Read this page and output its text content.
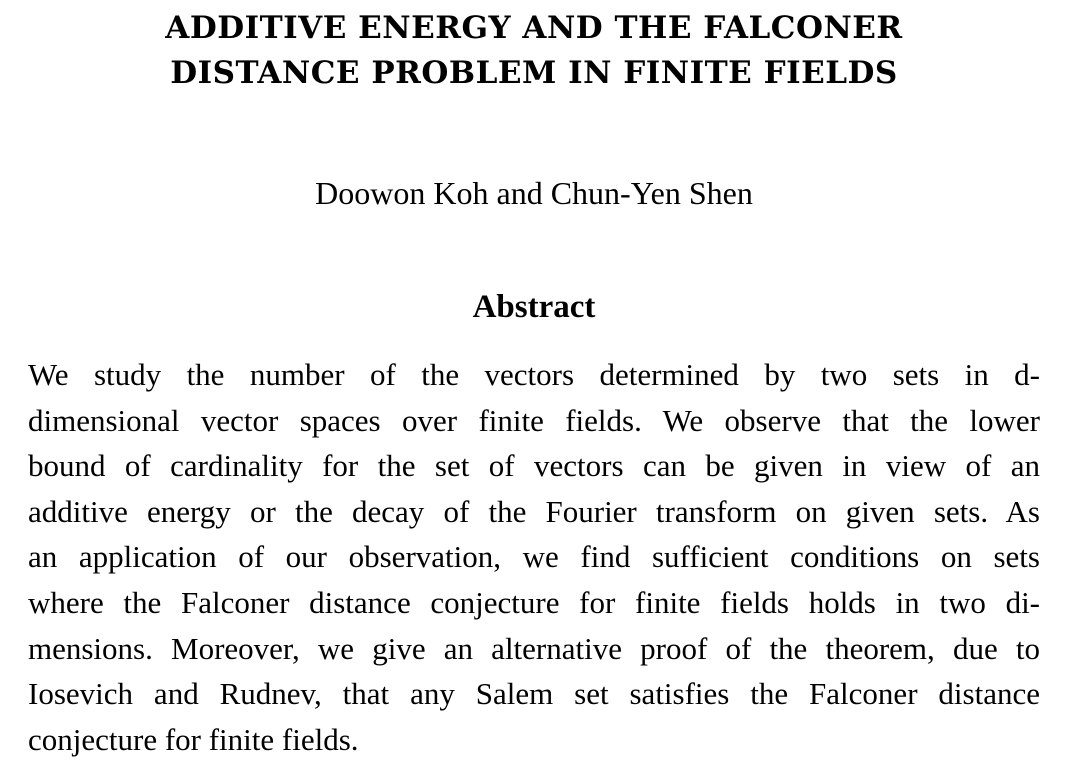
ADDITIVE ENERGY AND THE FALCONER
DISTANCE PROBLEM IN FINITE FIELDS
Doowon Koh and Chun-Yen Shen
Abstract
We study the number of the vectors determined by two sets in d-
dimensional vector spaces over finite fields. We observe that the lower
bound of cardinality for the set of vectors can be given in view of an
additive energy or the decay of the Fourier transform on given sets. As
an application of our observation, we find sufficient conditions on sets
where the Falconer distance conjecture for finite fields holds in two di-
mensions. Moreover, we give an alternative proof of the theorem, due to
Iosevich and Rudnev, that any Salem set satisfies the Falconer distance
conjecture for finite fields.
